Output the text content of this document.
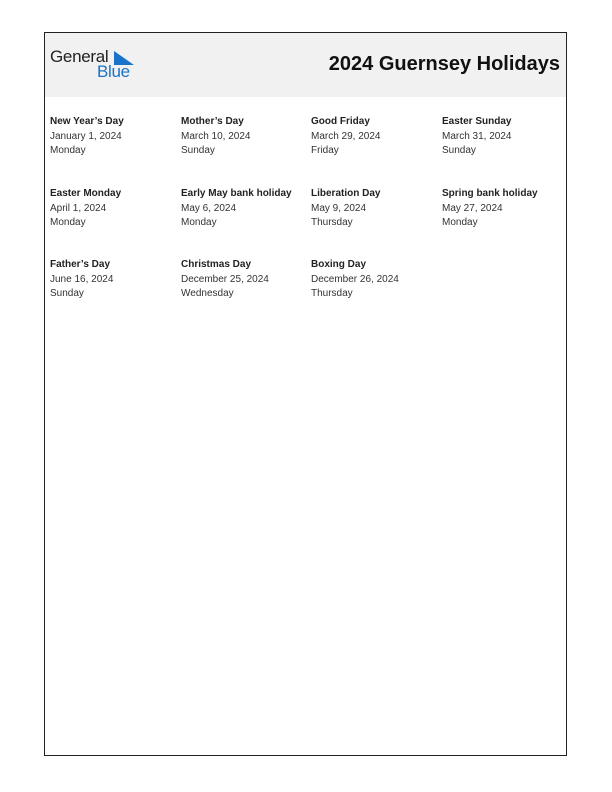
General
Blue	2024 Guernsey Holidays
New Year’s Day
January 1, 2024
Monday
Mother’s Day
March 10, 2024
Sunday
Good Friday
March 29, 2024
Friday
Easter Sunday
March 31, 2024
Sunday
Easter Monday
April 1, 2024
Monday
Early May bank holiday
May 6, 2024
Monday
Liberation Day
May 9, 2024
Thursday
Spring bank holiday
May 27, 2024
Monday
Father’s Day
June 16, 2024
Sunday
Christmas Day
December 25, 2024
Wednesday
Boxing Day
December 26, 2024
Thursday
